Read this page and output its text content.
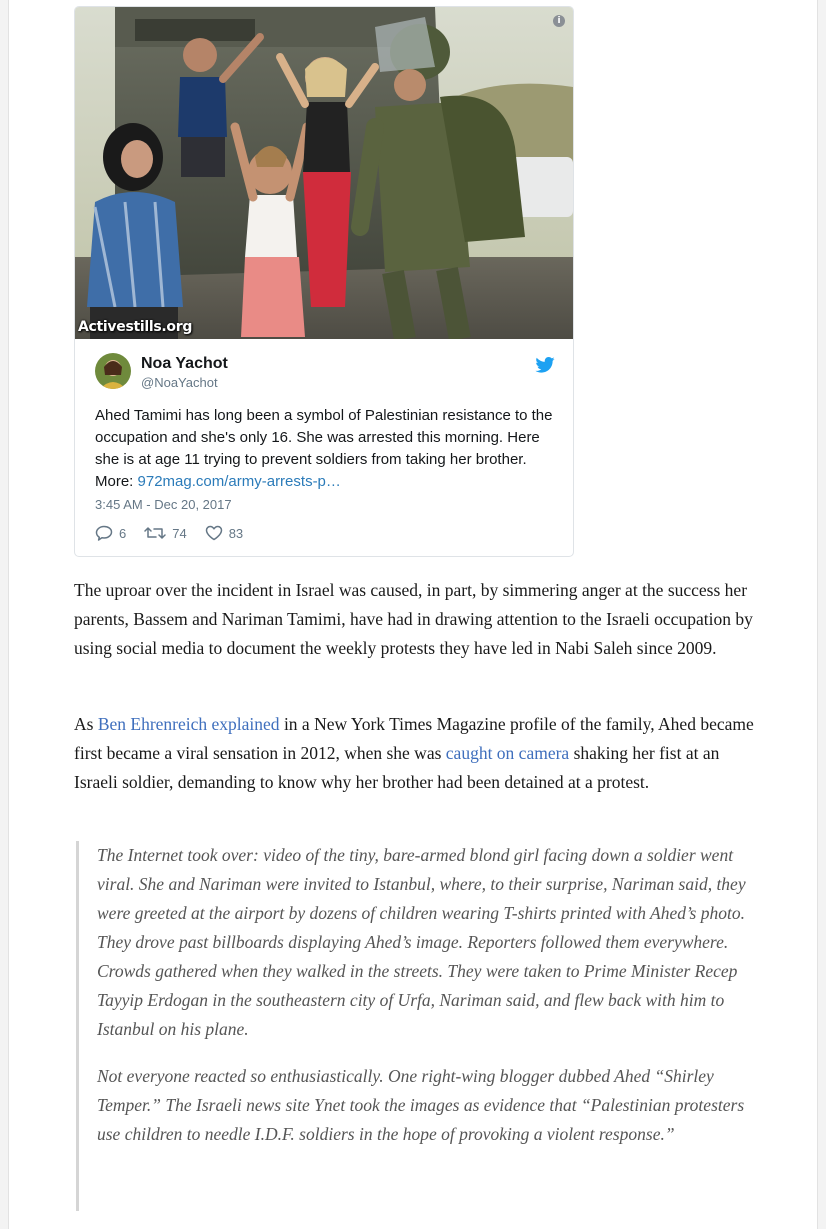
i
Activestills.org
Noa Yachot
@NoaYachot
Ahed Tamimi has long been a symbol of Palestinian resistance to the occupation and she's only 16. She was arrested this morning. Here she is at age 11 trying to prevent soldiers from taking her brother. More: 972mag.com/army-arrests-p…
3:45 AM - Dec 20, 2017
6	74	83

The uproar over the incident in Israel was caused, in part, by simmering anger at the success her parents, Bassem and Nariman Tamimi, have had in drawing attention to the Israeli occupation by using social media to document the weekly protests they have led in Nabi Saleh since 2009.

As Ben Ehrenreich explained in a New York Times Magazine profile of the family, Ahed became first became a viral sensation in 2012, when she was caught on camera shaking her fist at an Israeli soldier, demanding to know why her brother had been detained at a protest.

The Internet took over: video of the tiny, bare-armed blond girl facing down a soldier went viral. She and Nariman were invited to Istanbul, where, to their surprise, Nariman said, they were greeted at the airport by dozens of children wearing T-shirts printed with Ahed’s photo. They drove past billboards displaying Ahed’s image. Reporters followed them everywhere. Crowds gathered when they walked in the streets. They were taken to Prime Minister Recep Tayyip Erdogan in the southeastern city of Urfa, Nariman said, and flew back with him to Istanbul on his plane.

Not everyone reacted so enthusiastically. One right-wing blogger dubbed Ahed “Shirley Temper.” The Israeli news site Ynet took the images as evidence that “Palestinian protesters use children to needle I.D.F. soldiers in the hope of provoking a violent response.”
